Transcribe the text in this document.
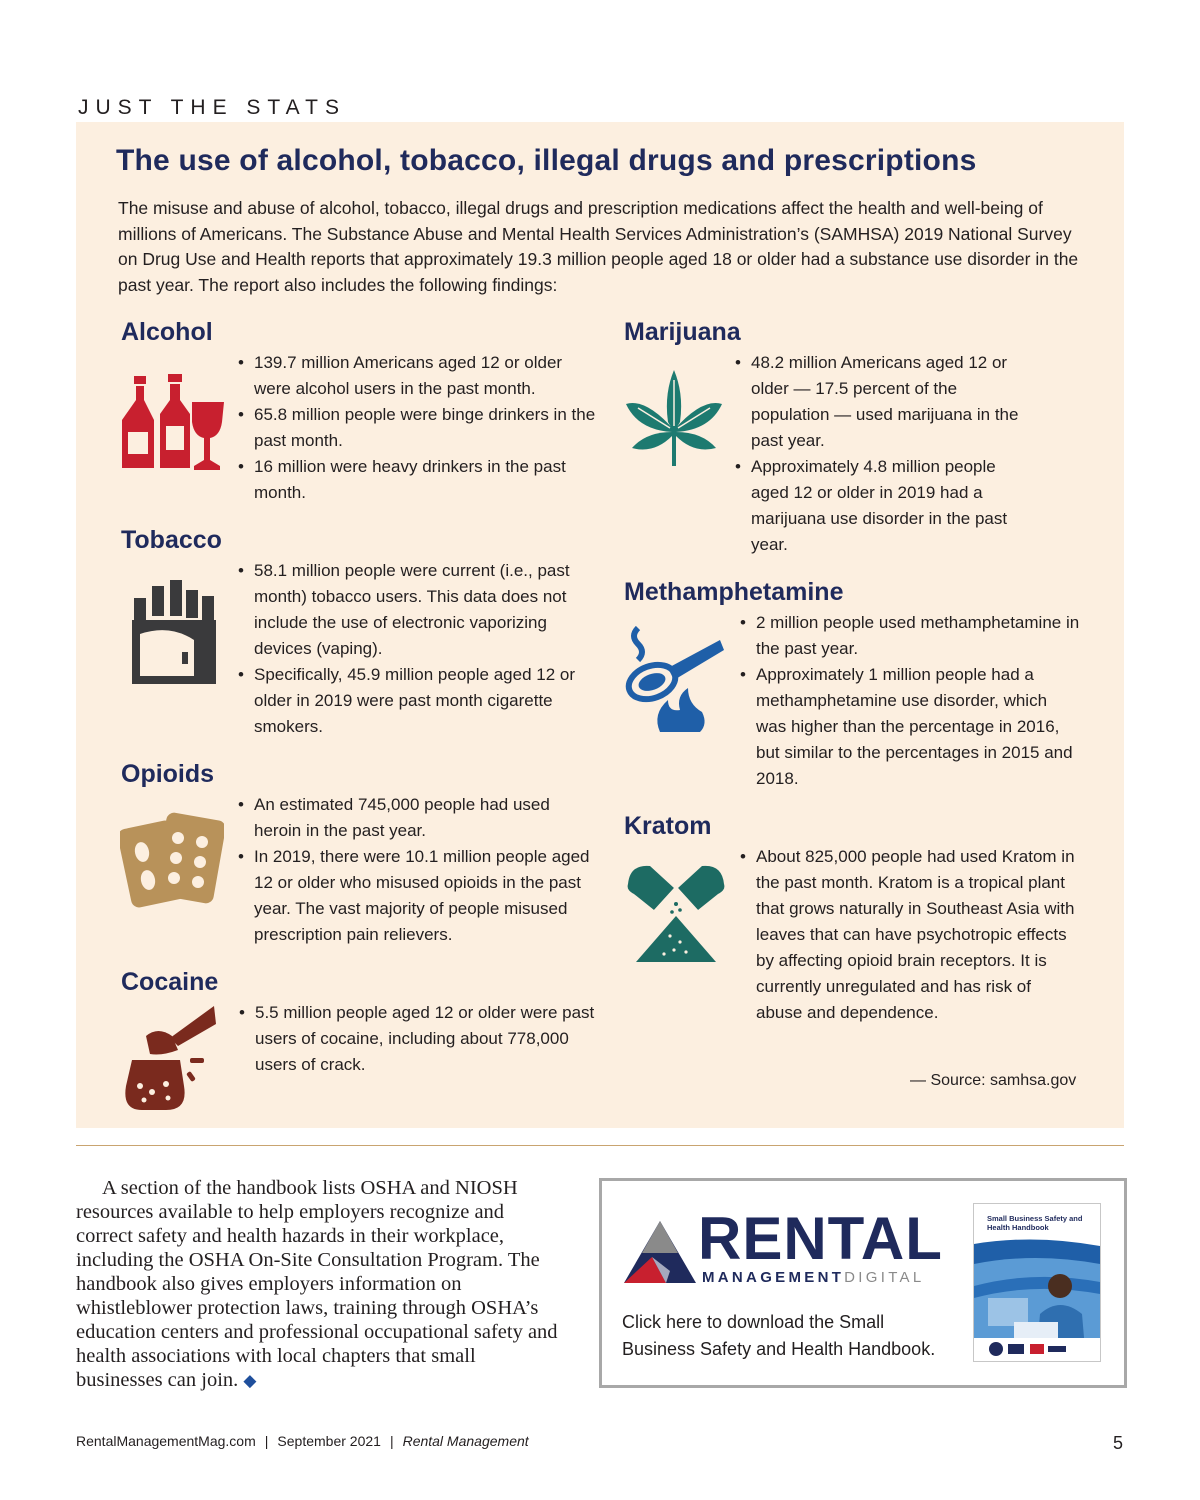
JUST THE STATS
The use of alcohol, tobacco, illegal drugs and prescriptions
The misuse and abuse of alcohol, tobacco, illegal drugs and prescription medications affect the health and well-being of millions of Americans. The Substance Abuse and Mental Health Services Administration’s (SAMHSA) 2019 National Survey on Drug Use and Health reports that approximately 19.3 million people aged 18 or older had a substance use disorder in the past year. The report also includes the following findings:
Alcohol
• 139.7 million Americans aged 12 or older were alcohol users in the past month.
• 65.8 million people were binge drinkers in the past month.
• 16 million were heavy drinkers in the past month.
Tobacco
• 58.1 million people were current (i.e., past month) tobacco users. This data does not include the use of electronic vaporizing devices (vaping).
• Specifically, 45.9 million people aged 12 or older in 2019 were past month cigarette smokers.
Opioids
• An estimated 745,000 people had used heroin in the past year.
• In 2019, there were 10.1 million people aged 12 or older who misused opioids in the past year. The vast majority of people misused prescription pain relievers.
Cocaine
• 5.5 million people aged 12 or older were past users of cocaine, including about 778,000 users of crack.
Marijuana
• 48.2 million Americans aged 12 or older — 17.5 percent of the population — used marijuana in the past year.
• Approximately 4.8 million people aged 12 or older in 2019 had a marijuana use disorder in the past year.
Methamphetamine
• 2 million people used methamphetamine in the past year.
• Approximately 1 million people had a methamphetamine use disorder, which was higher than the percentage in 2016, but similar to the percentages in 2015 and 2018.
Kratom
• About 825,000 people had used Kratom in the past month. Kratom is a tropical plant that grows naturally in Southeast Asia with leaves that can have psychotropic effects by affecting opioid brain receptors. It is currently unregulated and has risk of abuse and dependence.
— Source: samhsa.gov
A section of the handbook lists OSHA and NIOSH resources available to help employers recognize and correct safety and health hazards in their workplace, including the OSHA On-Site Consultation Program. The handbook also gives employers information on whistleblower protection laws, training through OSHA’s education centers and professional occupational safety and health associations with local chapters that small businesses can join. ◆
RENTAL
MANAGEMENTDIGITAL
Click here to download the Small Business Safety and Health Handbook.
Small Business Safety and Health Handbook
RentalManagementMag.com | September 2021 | Rental Management	5
